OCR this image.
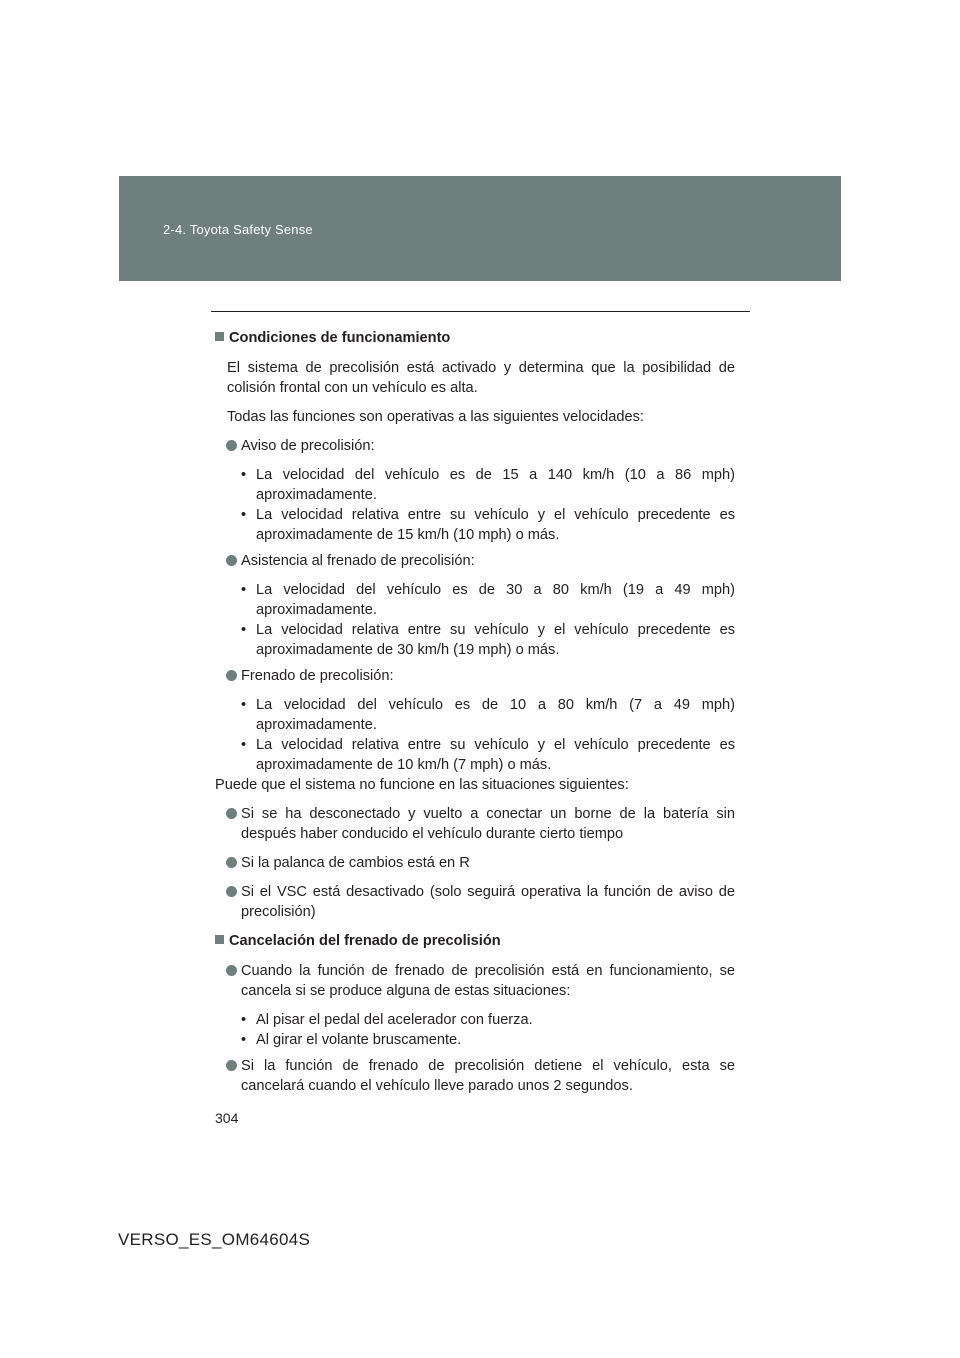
2-4. Toyota Safety Sense
Condiciones de funcionamiento
El sistema de precolisión está activado y determina que la posibilidad de colisión frontal con un vehículo es alta.
Todas las funciones son operativas a las siguientes velocidades:
Aviso de precolisión:
• La velocidad del vehículo es de 15 a 140 km/h (10 a 86 mph) aproximadamente.
• La velocidad relativa entre su vehículo y el vehículo precedente es aproximadamente de 15 km/h (10 mph) o más.
Asistencia al frenado de precolisión:
• La velocidad del vehículo es de 30 a 80 km/h (19 a 49 mph) aproximadamente.
• La velocidad relativa entre su vehículo y el vehículo precedente es aproximadamente de 30 km/h (19 mph) o más.
Frenado de precolisión:
• La velocidad del vehículo es de 10 a 80 km/h (7 a 49 mph) aproximadamente.
• La velocidad relativa entre su vehículo y el vehículo precedente es aproximadamente de 10 km/h (7 mph) o más.
Puede que el sistema no funcione en las situaciones siguientes:
Si se ha desconectado y vuelto a conectar un borne de la batería sin después haber conducido el vehículo durante cierto tiempo
Si la palanca de cambios está en R
Si el VSC está desactivado (solo seguirá operativa la función de aviso de precolisión)
Cancelación del frenado de precolisión
Cuando la función de frenado de precolisión está en funcionamiento, se cancela si se produce alguna de estas situaciones:
• Al pisar el pedal del acelerador con fuerza.
• Al girar el volante bruscamente.
Si la función de frenado de precolisión detiene el vehículo, esta se cancelará cuando el vehículo lleve parado unos 2 segundos.
304
VERSO_ES_OM64604S
